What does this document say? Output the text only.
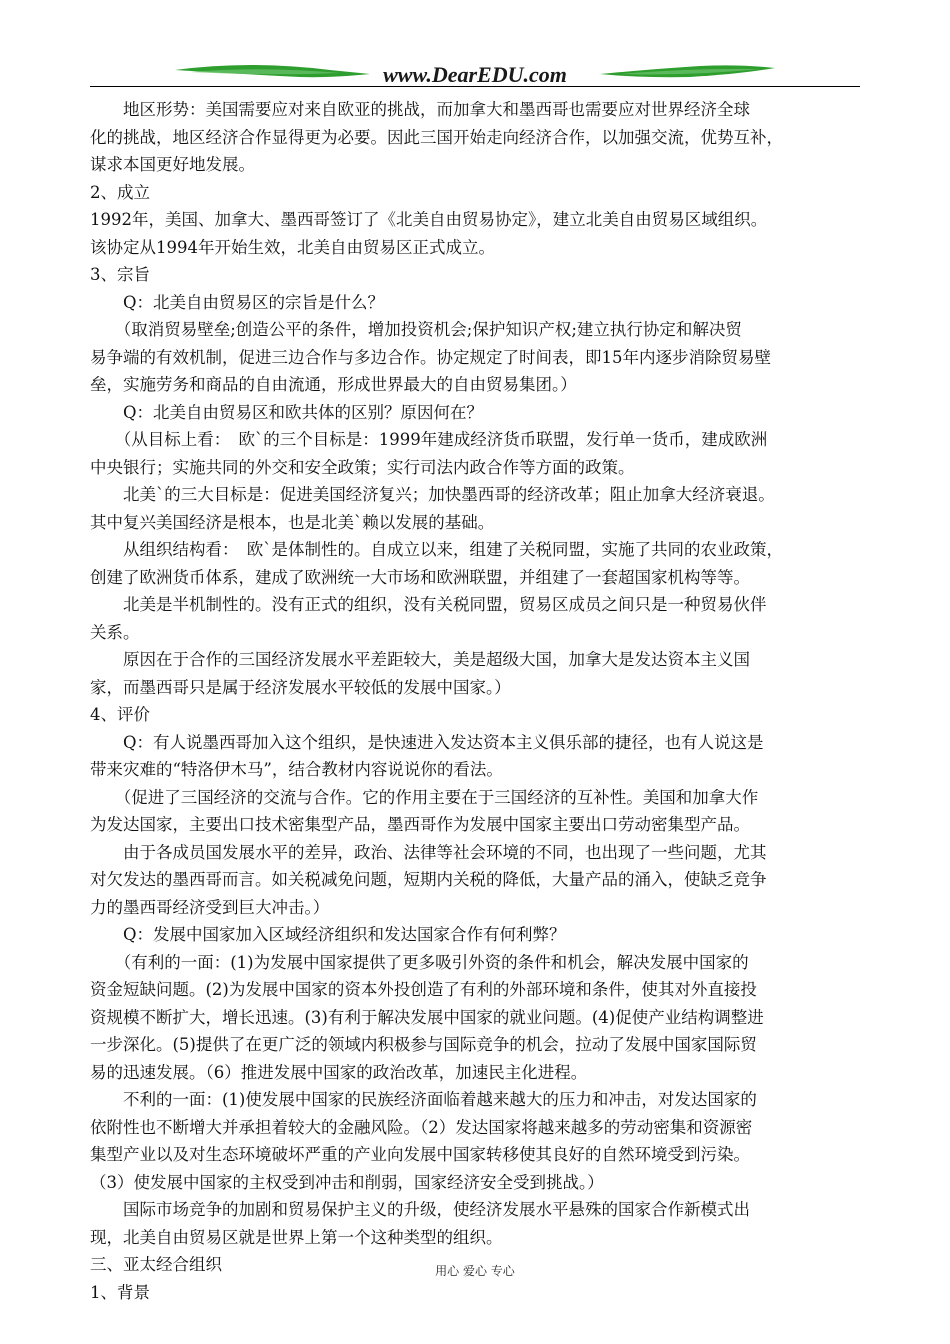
www.DearEDU.com
　　地区形势：美国需要应对来自欧亚的挑战，而加拿大和墨西哥也需要应对世界经济全球
化的挑战，地区经济合作显得更为必要。因此三国开始走向经济合作，以加强交流，优势互补，
谋求本国更好地发展。
2、成立
1992年，美国、加拿大、墨西哥签订了《北美自由贸易协定》，建立北美自由贸易区域组织。
该协定从1994年开始生效，北美自由贸易区正式成立。
3、宗旨
　　Q：北美自由贸易区的宗旨是什么？
　　（取消贸易壁垒;创造公平的条件，增加投资机会;保护知识产权;建立执行协定和解决贸
易争端的有效机制，促进三边合作与多边合作。协定规定了时间表，即15年内逐步消除贸易壁
垒，实施劳务和商品的自由流通，形成世界最大的自由贸易集团。）
　　Q：北美自由贸易区和欧共体的区别？原因何在？
　　（从目标上看：　欧`的三个目标是：1999年建成经济货币联盟，发行单一货币，建成欧洲
中央银行；实施共同的外交和安全政策；实行司法内政合作等方面的政策。
　　北美`的三大目标是：促进美国经济复兴；加快墨西哥的经济改革；阻止加拿大经济衰退。
其中复兴美国经济是根本，也是北美`赖以发展的基础。
　　从组织结构看：　欧`是体制性的。自成立以来，组建了关税同盟，实施了共同的农业政策，
创建了欧洲货币体系，建成了欧洲统一大市场和欧洲联盟，并组建了一套超国家机构等等。
　　北美是半机制性的。没有正式的组织，没有关税同盟，贸易区成员之间只是一种贸易伙伴
关系。
　　原因在于合作的三国经济发展水平差距较大，美是超级大国，加拿大是发达资本主义国
家，而墨西哥只是属于经济发展水平较低的发展中国家。）
4、评价
　　Q：有人说墨西哥加入这个组织，是快速进入发达资本主义俱乐部的捷径，也有人说这是
带来灾难的“特洛伊木马”，结合教材内容说说你的看法。
　　（促进了三国经济的交流与合作。它的作用主要在于三国经济的互补性。美国和加拿大作
为发达国家，主要出口技术密集型产品，墨西哥作为发展中国家主要出口劳动密集型产品。
　　由于各成员国发展水平的差异，政治、法律等社会环境的不同，也出现了一些问题，尤其
对欠发达的墨西哥而言。如关税减免问题，短期内关税的降低，大量产品的涌入，使缺乏竞争
力的墨西哥经济受到巨大冲击。）
　　Q：发展中国家加入区域经济组织和发达国家合作有何利弊？
　　（有利的一面：(1)为发展中国家提供了更多吸引外资的条件和机会，解决发展中国家的
资金短缺问题。(2)为发展中国家的资本外投创造了有利的外部环境和条件，使其对外直接投
资规模不断扩大，增长迅速。(3)有利于解决发展中国家的就业问题。(4)促使产业结构调整进
一步深化。(5)提供了在更广泛的领域内积极参与国际竞争的机会，拉动了发展中国家国际贸
易的迅速发展。（6）推进发展中国家的政治改革，加速民主化进程。
　　不利的一面：(1)使发展中国家的民族经济面临着越来越大的压力和冲击，对发达国家的
依附性也不断增大并承担着较大的金融风险。（2）发达国家将越来越多的劳动密集和资源密
集型产业以及对生态环境破坏严重的产业向发展中国家转移使其良好的自然环境受到污染。
（3）使发展中国家的主权受到冲击和削弱，国家经济安全受到挑战。）
　　国际市场竞争的加剧和贸易保护主义的升级，使经济发展水平悬殊的国家合作新模式出
现，北美自由贸易区就是世界上第一个这种类型的组织。
三、亚太经合组织
1、背景
用心 爱心 专心
